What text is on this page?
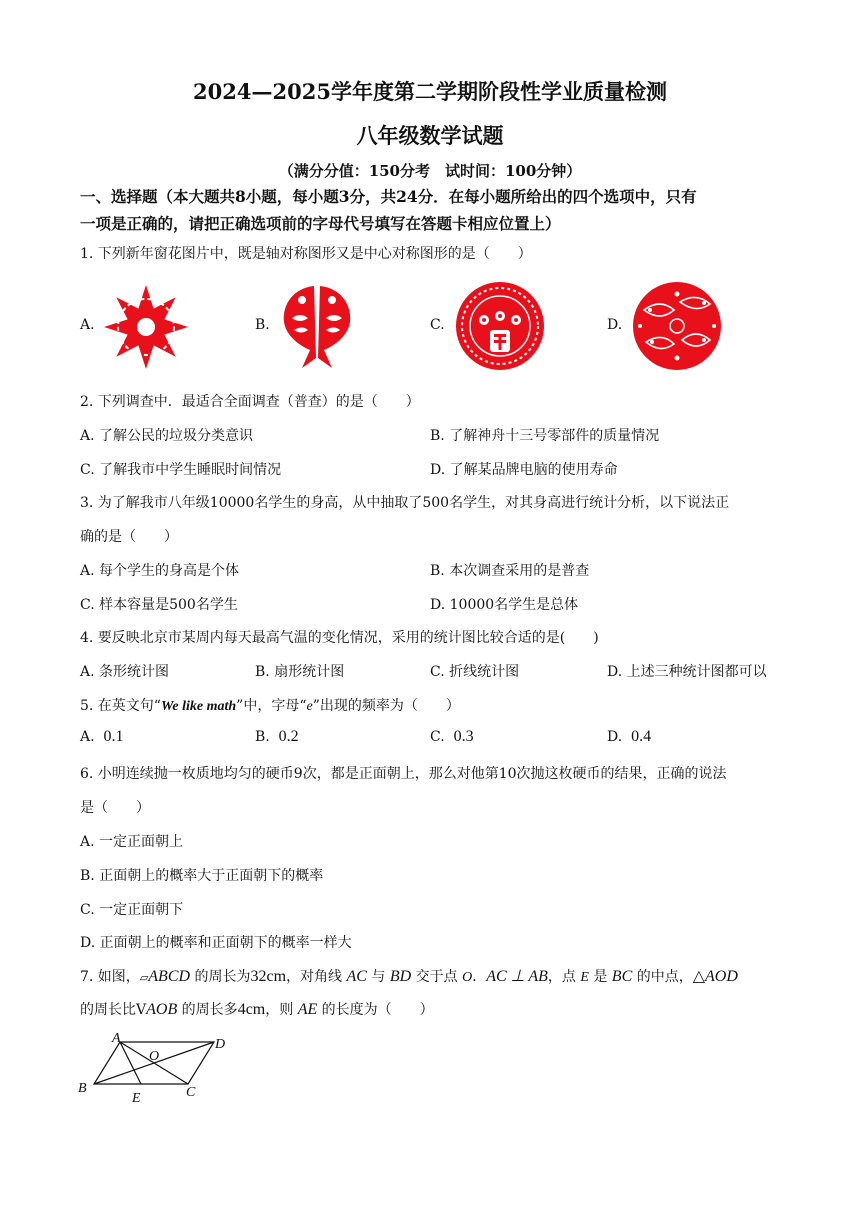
2024—2025学年度第二学期阶段性学业质量检测
八年级数学试题
（满分分值：150分考　试时间：100分钟）
一、选择题（本大题共8小题，每小题3分，共24分．在每小题所给出的四个选项中，只有
一项是正确的，请把正确选项前的字母代号填写在答题卡相应位置上）
1. 下列新年窗花图片中，既是轴对称图形又是中心对称图形的是（　　）
A.	B.	C.	D.
2. 下列调查中．最适合全面调查（普查）的是（　　）
A. 了解公民的垃圾分类意识	B. 了解神舟十三号零部件的质量情况
C. 了解我市中学生睡眠时间情况	D. 了解某品牌电脑的使用寿命
3. 为了解我市八年级10000名学生的身高，从中抽取了500名学生，对其身高进行统计分析，以下说法正
确的是（　　）
A. 每个学生的身高是个体	B. 本次调查采用的是普查
C. 样本容量是500名学生	D. 10000名学生是总体
4. 要反映北京市某周内每天最高气温的变化情况，采用的统计图比较合适的是(　　)
A. 条形统计图	B. 扇形统计图	C. 折线统计图	D. 上述三种统计图都可以
5. 在英文句“We like math”中，字母“e”出现的频率为（　　）
A. 0.1	B. 0.2	C. 0.3	D. 0.4
6. 小明连续抛一枚质地均匀的硬币9次，都是正面朝上，那么对他第10次抛这枚硬币的结果，正确的说法
是（　　）
A. 一定正面朝上
B. 正面朝上的概率大于正面朝下的概率
C. 一定正面朝下
D. 正面朝上的概率和正面朝下的概率一样大
7. 如图，▱ABCD 的周长为32cm，对角线 AC 与 BD 交于点 O．AC ⊥ AB，点 E 是 BC 的中点，△AOD
的周长比VAOB 的周长多4cm，则 AE 的长度为（　　）
A	D
O
B
E	C
